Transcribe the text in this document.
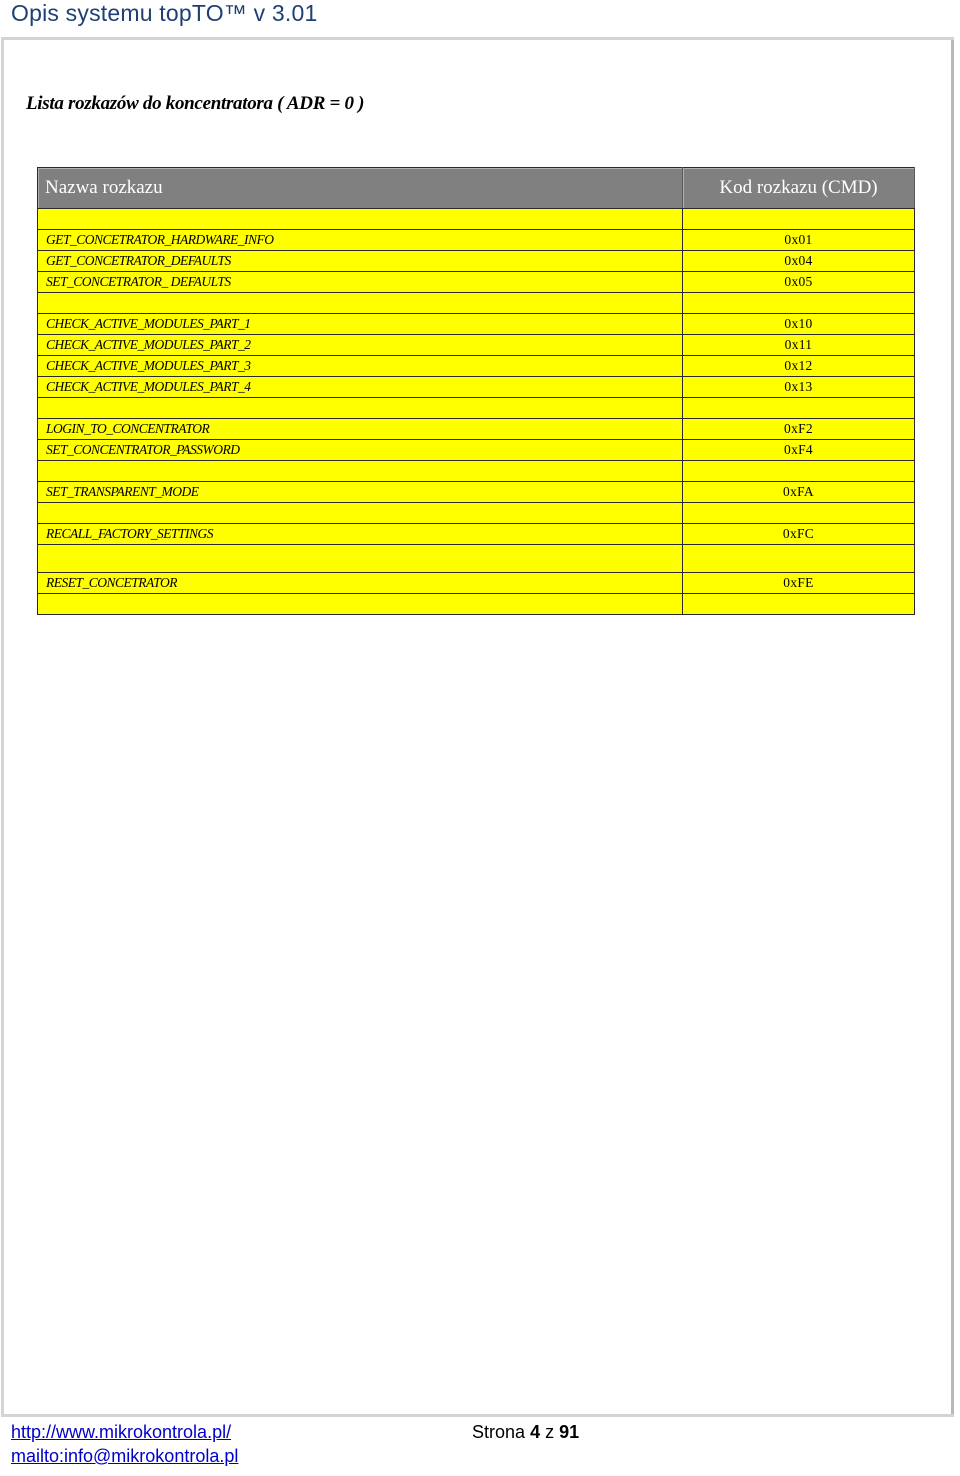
Opis systemu topTO™ v 3.01
Lista rozkazów do koncentratora ( ADR = 0 )
Nazwa rozkazu	Kod rozkazu (CMD)

GET_CONCETRATOR_HARDWARE_INFO	0x01
GET_CONCETRATOR_DEFAULTS	0x04
SET_CONCETRATOR_ DEFAULTS	0x05

CHECK_ACTIVE_MODULES_PART_1	0x10
CHECK_ACTIVE_MODULES_PART_2	0x11
CHECK_ACTIVE_MODULES_PART_3	0x12
CHECK_ACTIVE_MODULES_PART_4	0x13

LOGIN_TO_CONCENTRATOR	0xF2
SET_CONCENTRATOR_PASSWORD	0xF4

SET_TRANSPARENT_MODE	0xFA

RECALL_FACTORY_SETTINGS	0xFC

RESET_CONCETRATOR	0xFE

http://www.mikrokontrola.pl/
mailto:info@mikrokontrola.pl
Strona 4 z 91
